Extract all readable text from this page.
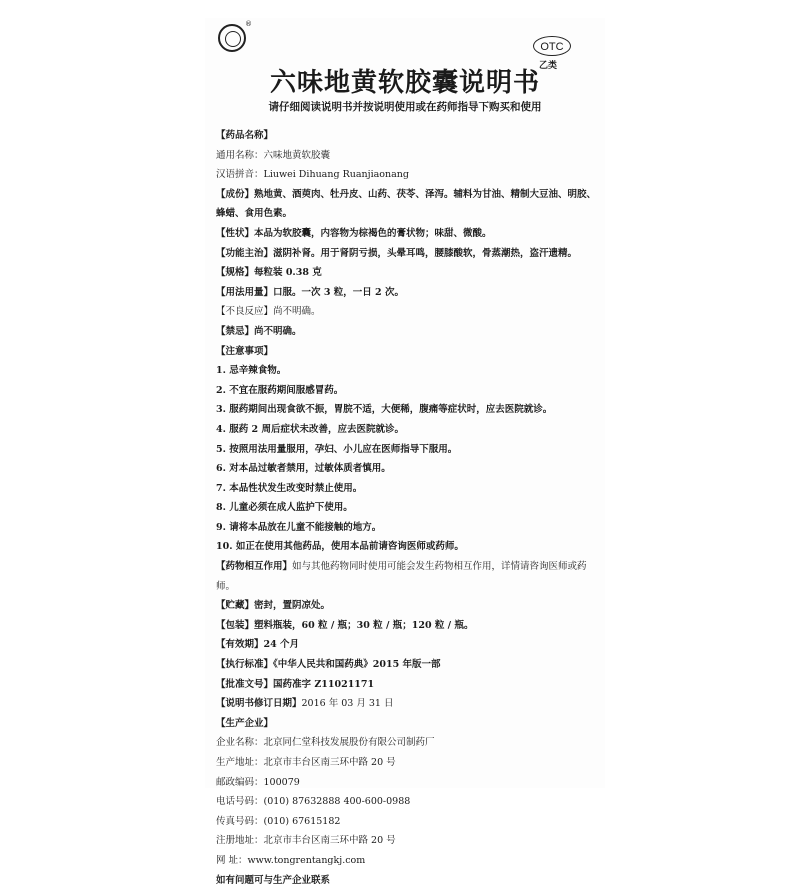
®
OTC
乙类
六味地黄软胶囊说明书
请仔细阅读说明书并按说明使用或在药师指导下购买和使用
【药品名称】
通用名称：六味地黄软胶囊
汉语拼音：Liuwei Dihuang Ruanjiaonang
【成份】熟地黄、酒萸肉、牡丹皮、山药、茯苓、泽泻。辅料为甘油、精制大豆油、明胶、蜂蜡、食用色素。
【性状】本品为软胶囊，内容物为棕褐色的膏状物；味甜、微酸。
【功能主治】滋阴补肾。用于肾阴亏损，头晕耳鸣，腰膝酸软，骨蒸潮热，盗汗遗精。
【规格】每粒装 0.38 克
【用法用量】口服。一次 3 粒，一日 2 次。
【不良反应】尚不明确。
【禁忌】尚不明确。
【注意事项】
1. 忌辛辣食物。
2. 不宜在服药期间服感冒药。
3. 服药期间出现食欲不振，胃脘不适，大便稀，腹痛等症状时，应去医院就诊。
4. 服药 2 周后症状未改善，应去医院就诊。
5. 按照用法用量服用，孕妇、小儿应在医师指导下服用。
6. 对本品过敏者禁用，过敏体质者慎用。
7. 本品性状发生改变时禁止使用。
8. 儿童必须在成人监护下使用。
9. 请将本品放在儿童不能接触的地方。
10. 如正在使用其他药品，使用本品前请咨询医师或药师。
【药物相互作用】如与其他药物同时使用可能会发生药物相互作用，详情请咨询医师或药师。
【贮藏】密封，置阴凉处。
【包装】塑料瓶装，60 粒 / 瓶；30 粒 / 瓶；120 粒 / 瓶。
【有效期】24 个月
【执行标准】《中华人民共和国药典》2015 年版一部
【批准文号】国药准字 Z11021171
【说明书修订日期】2016 年 03 月 31 日
【生产企业】
企业名称：北京同仁堂科技发展股份有限公司制药厂
生产地址：北京市丰台区南三环中路 20 号
邮政编码：100079
电话号码：(010) 87632888 400-600-0988
传真号码：(010) 67615182
注册地址：北京市丰台区南三环中路 20 号
网 址：www.tongrentangkj.com
如有问题可与生产企业联系
